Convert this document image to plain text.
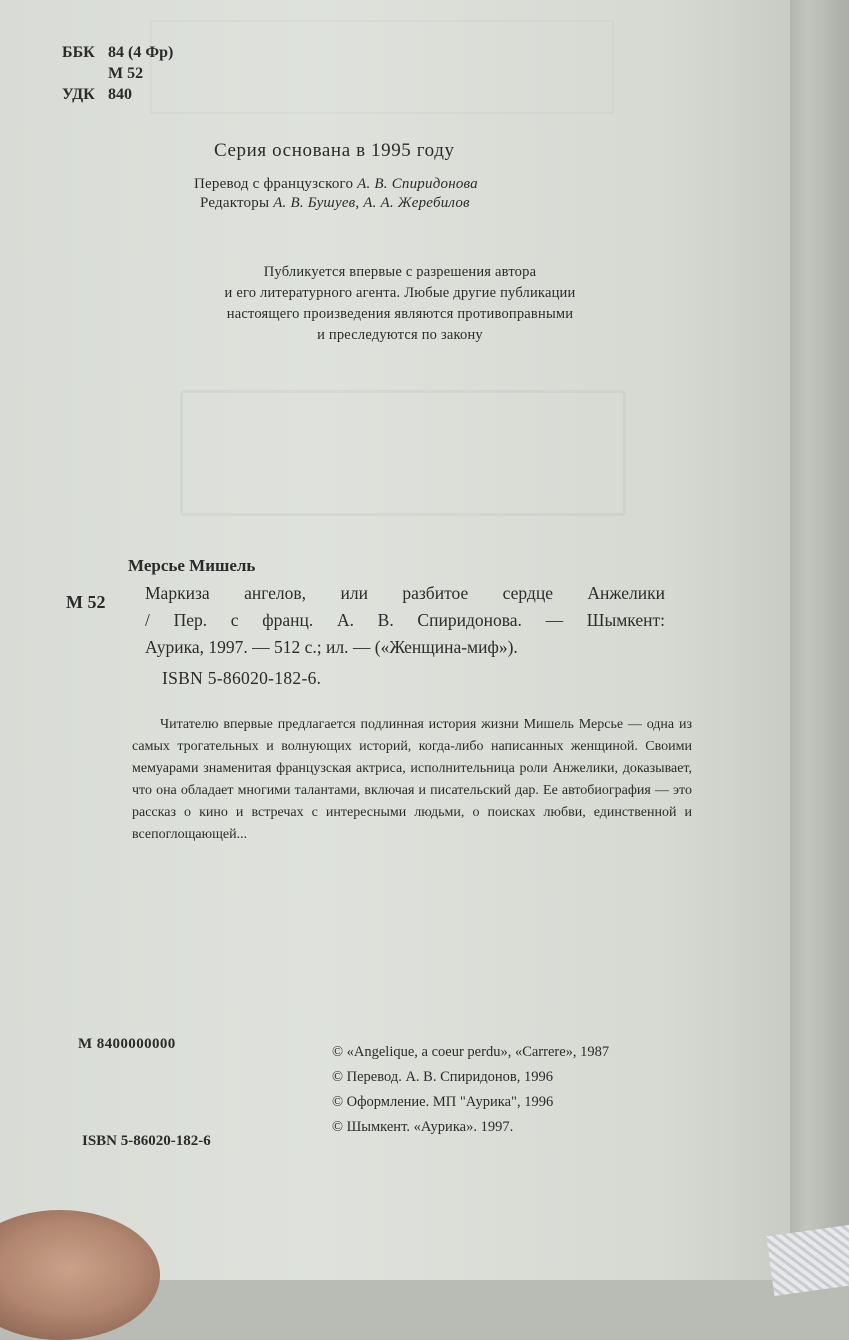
ББК 84 (4 Фр)
М 52
УДК 840
Серия основана в 1995 году
Перевод с французского А. В. Спиридонова
Редакторы А. В. Бушуев, А. А. Жеребилов
Публикуется впервые с разрешения автора
и его литературного агента. Любые другие публикации
настоящего произведения являются противоправными
и преследуются по закону
Мерсье Мишель
М 52 Маркиза ангелов, или разбитое сердце Анжелики
/ Пер. с франц. А. В. Спиридонова. — Шымкент:
Аурика, 1997. — 512 с.; ил. — («Женщина-миф»).
ISBN 5-86020-182-6.

Читателю впервые предлагается подлинная история жизни Мишель Мерсье — одна из самых трогательных и волнующих историй, когда-либо написанных женщиной. Своими мемуарами знаменитая французская актриса, исполнительница роли Анжелики, доказывает, что она обладает многими талантами, включая и писательский дар. Ее автобиография — это рассказ о кино и встречах с интересными людьми, о поисках любви, единственной и всепоглощающей...

М 8400000000
ISBN 5-86020-182-6
© «Angelique, a coeur perdu», «Carrere», 1987
© Перевод. А. В. Спиридонов, 1996
© Оформление. МП "Аурика", 1996
© Шымкент. «Аурика». 1997.
